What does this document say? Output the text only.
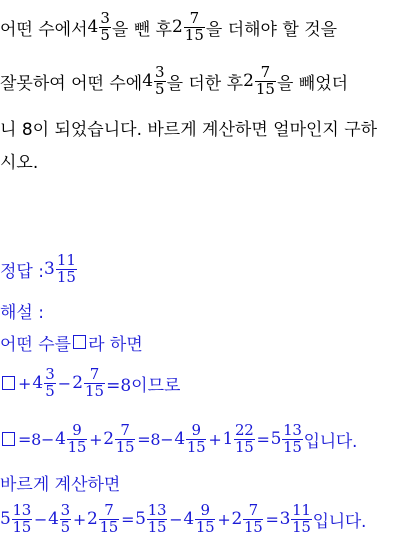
어떤 수에서 $4 \frac{3}{5}$ 을 뺀 후 $2 \frac{7}{15}$ 을 더해야 할 것을
잘못하여 어떤 수에 $4 \frac{3}{5}$ 을 더한 후 $2 \frac{7}{15}$ 을 빼었더
니 8이 되었습니다. 바르게 계산하면 얼마인지 구하
시오.
정답 : $3 \frac{11}{15}$
해설 :
어떤 수를 라 하면
+ $4 \frac{3}{5} - 2 \frac{7}{15} =8$이므로
$=8- 4 \frac{9}{15} + 2 \frac{7}{15} =8- 4 \frac{9}{15} + 1 \frac{22}{15} = 5 \frac{13}{15}$ 입니다.
바르게 계산하면
$5 \frac{13}{15} - 4 \frac{3}{5} + 2 \frac{7}{15} = 5 \frac{13}{15} - 4 \frac{9}{15} + 2 \frac{7}{15} = 3 \frac{11}{15}$ 입니다.
